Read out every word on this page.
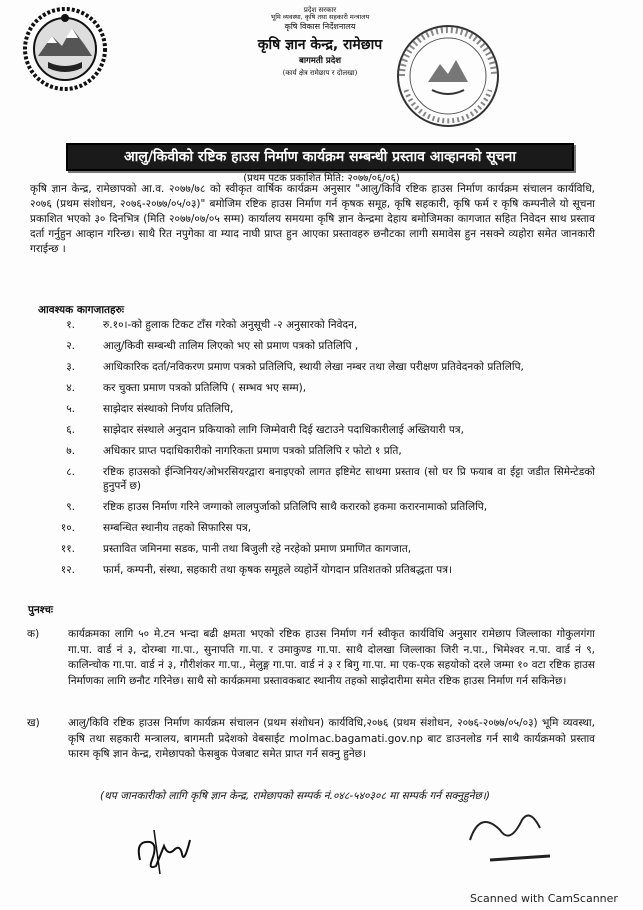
प्रदेश सरकार
भूमि व्यवस्था, कृषि तथा सहकारी मन्त्रालय
कृषि विकास निर्देशनालय
कृषि ज्ञान केन्द्र, रामेछाप
बागमती प्रदेश
(कार्य क्षेत्र रामेछाप र दोलखा)
आलु/किवीको रष्टिक हाउस निर्माण कार्यक्रम सम्बन्धी प्रस्ताव आव्हानको सूचना
(प्रथम पटक प्रकाशित मिति: २०७७/०६/०६)

कृषि ज्ञान केन्द्र, रामेछापको आ.व. २०७७/७८ को स्वीकृत वार्षिक कार्यक्रम अनुसार "आलु/किवि रष्टिक हाउस निर्माण कार्यक्रम संचालन कार्यविधि, २०७६ (प्रथम संशोधन, २०७६-२०७७/०५/०३)" बमोजिम रष्टिक हाउस निर्माण गर्न कृषक समूह, कृषि सहकारी, कृषि फर्म र कृषि कम्पनीले यो सूचना प्रकाशित भएको ३० दिनभित्र (मिति २०७७/०७/०५ सम्म) कार्यालय समयमा कृषि ज्ञान केन्द्रमा देहाय बमोजिमका कागजात सहित निवेदन साथ प्रस्ताव दर्ता गर्नुहुन आव्हान गरिन्छ। साथै रित नपुगेका वा म्याद नाघी प्राप्त हुन आएका प्रस्तावहरु छनौटका लागी समावेस हुन नसक्ने व्यहोरा समेत जानकारी गराईन्छ ।

आवश्यक कागजातहरुः
१.	रु.१०।-को हुलाक टिकट टाँस गरेको अनुसूची -२ अनुसारको निवेदन,
२.	आलु/किवी सम्बन्धी तालिम लिएको भए सो प्रमाण पत्रको प्रतिलिपि ,
३.	आधिकारिक दर्ता/नविकरण प्रमाण पत्रको प्रतिलिपि, स्थायी लेखा नम्बर तथा लेखा परीक्षण प्रतिवेदनको प्रतिलिपि,
४.	कर चुक्ता प्रमाण पत्रको प्रतिलिपि ( सम्भव भए सम्म),
५.	साझेदार संस्थाको निर्णय प्रतिलिपि,
६.	साझेदार संस्थाले अनुदान प्रकियाको लागि जिम्मेवारी दिई खटाउने पदाधिकारीलाई अख्तियारी पत्र,
७.	अधिकार प्राप्त पदाधिकारीको नागरिकता प्रमाण पत्रको प्रतिलिपि र फोटो १ प्रति,
८.	रष्टिक हाउसको ईन्जिनियर/ओभरसियरद्वारा बनाइएको लागत इष्टिमेट साथमा प्रस्ताव (सो घर प्रि फयाब वा ईट्टा जडीत सिमेन्टेडको हुनुपर्ने छ)
९.	रष्टिक हाउस निर्माण गरिने जग्गाको लालपुर्जाको प्रतिलिपि साथै करारको हकमा करारनामाको प्रतिलिपि,
१०.	सम्बन्धित स्थानीय तहको सिफारिस पत्र,
११.	प्रस्तावित जमिनमा सडक, पानी तथा बिजुली रहे नरहेको प्रमाण प्रमाणित कागजात,
१२.	फार्म, कम्पनी, संस्था, सहकारी तथा कृषक समूहले व्यहोर्ने योगदान प्रतिशतको प्रतिबद्धता पत्र।
पुनश्चः
क)	कार्यक्रमका लागि ५० मे.टन भन्दा बढी क्षमता भएको रष्टिक हाउस निर्माण गर्न स्वीकृत कार्यविधि अनुसार रामेछाप जिल्लाका गोकुलगंगा गा.पा. वार्ड नं ३, दोरम्बा गा.पा., सुनापति गा.पा. र उमाकुण्ड गा.पा. साथै दोलखा जिल्लाका जिरी न.पा., भिमेश्वर न.पा. वार्ड नं ९, कालिन्चोक गा.पा. वार्ड नं ३, गौरीशंकर गा.पा., मेलुङ्ग गा.पा. वार्ड नं ३ र बिगु गा.पा. मा एक-एक सहयोको दरले जम्मा १० वटा रष्टिक हाउस निर्माणका लागि छनौट गरिनेछ। साथै सो कार्यक्रममा प्रस्तावकबाट स्थानीय तहको साझेदारीमा समेत रष्टिक हाउस निर्माण गर्न सकिनेछ।
ख)	आलु/किवि रष्टिक हाउस निर्माण कार्यक्रम संचालन (प्रथम संशोधन) कार्यविधि,२०७६ (प्रथम संशोधन, २०७६-२०७७/०५/०३) भूमि व्यवस्था, कृषि तथा सहकारी मन्त्रालय, बागमती प्रदेशको वेबसाईट molmac.bagamati.gov.np बाट डाउनलोड गर्न साथै कार्यक्रमको प्रस्ताव फारम कृषि ज्ञान केन्द्र, रामेछापको फेसबुक पेजबाट समेत प्राप्त गर्न सक्नु हुनेछ।
(थप जानकारीको लागि कृषि ज्ञान केन्द्र, रामेछापको सम्पर्क नं.०४८-५४०३०८ मा सम्पर्क गर्न सक्नुहुनेछ।)
Scanned with CamScanner
